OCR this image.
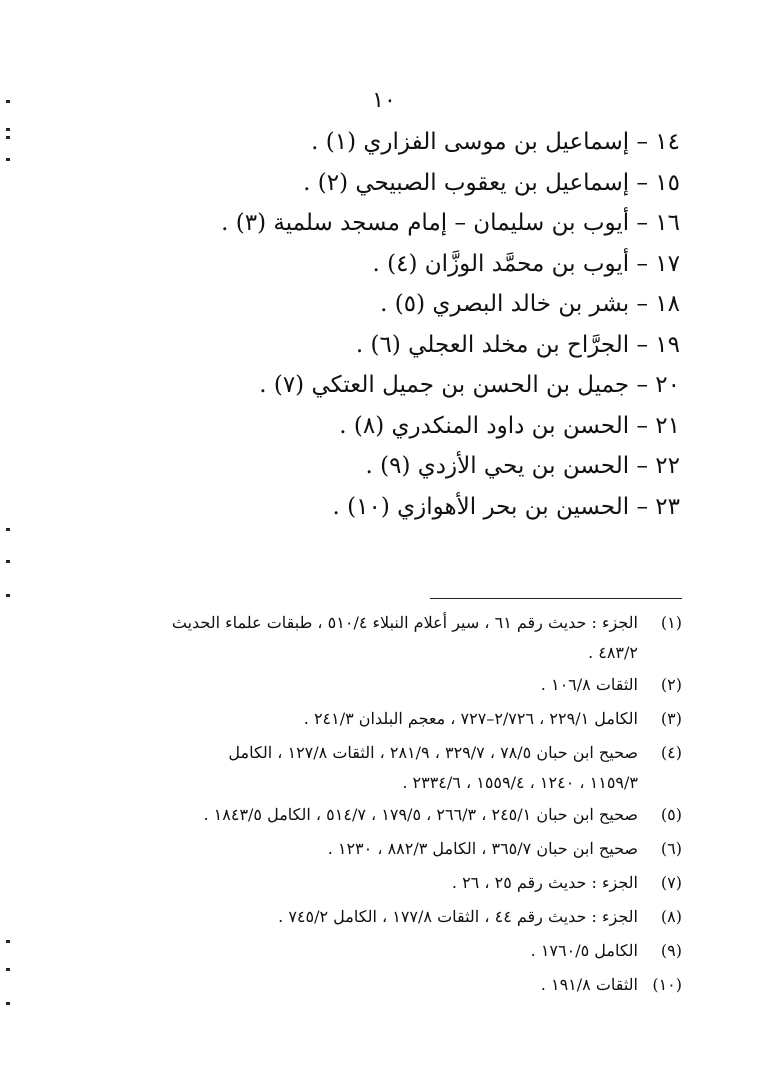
١٠
١٤ – إسماعيل بن موسى الفزاري (١) .
١٥ – إسماعيل بن يعقوب الصبيحي (٢) .
١٦ – أيوب بن سليمان – إمام مسجد سلمية (٣) .
١٧ – أيوب بن محمَّد الوزَّان (٤) .
١٨ – بشر بن خالد البصري (٥) .
١٩ – الجرَّاح بن مخلد العجلي (٦) .
٢٠ – جميل بن الحسن بن جميل العتكي (٧) .
٢١ – الحسن بن داود المنكدري (٨) .
٢٢ – الحسن بن يحي الأزدي (٩) .
٢٣ – الحسين بن بحر الأهوازي (١٠) .
(١)
الجزء : حديث رقم ٦١ ، سير أعلام النبلاء ٥١٠/٤ ، طبقات علماء الحديث
٤٨٣/٢ .
(٢)
الثقات ١٠٦/٨ .
(٣)
الكامل ٢٢٩/١ ، ٢/٧٢٦–٧٢٧ ، معجم البلدان ٢٤١/٣ .
(٤)
صحيح ابن حبان ٧٨/٥ ، ٣٢٩/٧ ، ٢٨١/٩ ، الثقات ١٢٧/٨ ، الكامل
١١٥٩/٣ ، ١٢٤٠ ، ١٥٥٩/٤ ، ٢٣٣٤/٦ .
(٥)
صحيح ابن حبان ٢٤٥/١ ، ٢٦٦/٣ ، ١٧٩/٥ ، ٥١٤/٧ ، الكامل ١٨٤٣/٥ .
(٦)
صحيح ابن حبان ٣٦٥/٧ ، الكامل ٨٨٢/٣ ، ١٢٣٠ .
(٧)
الجزء : حديث رقم ٢٥ ، ٢٦ .
(٨)
الجزء : حديث رقم ٤٤ ، الثقات ١٧٧/٨ ، الكامل ٧٤٥/٢ .
(٩)
الكامل ١٧٦٠/٥ .
(١٠)
الثقات ١٩١/٨ .
